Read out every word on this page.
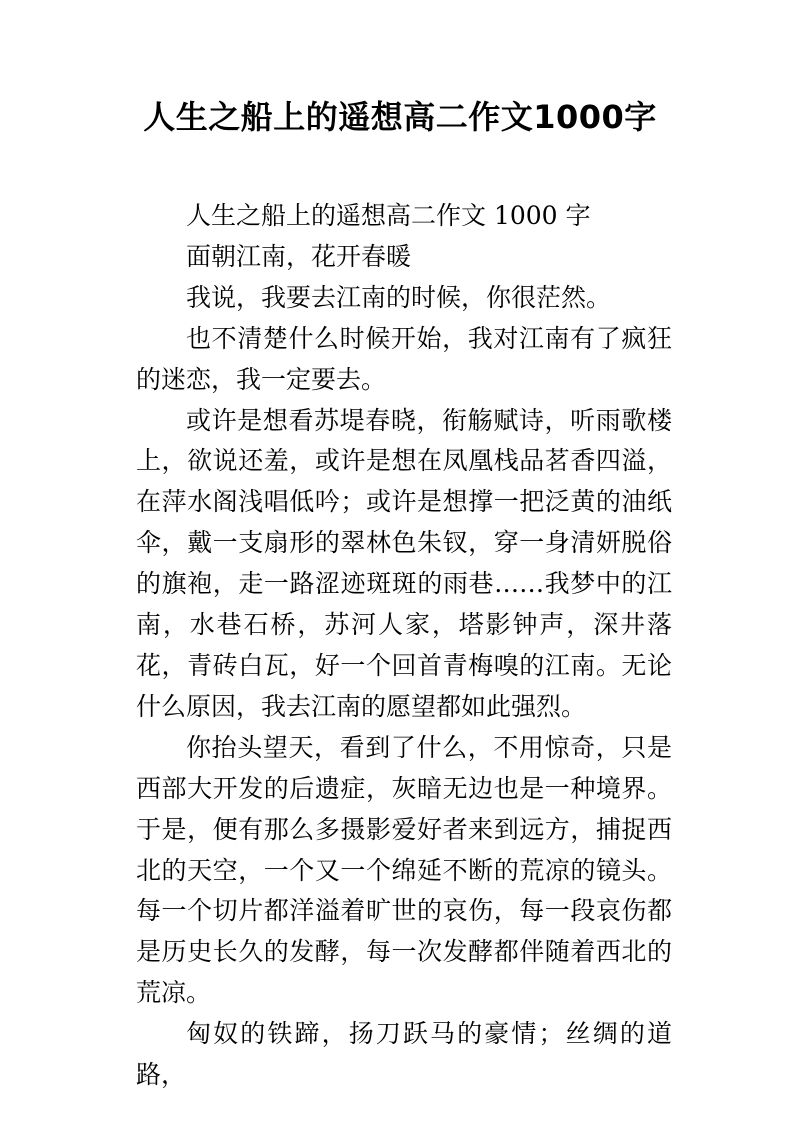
人生之船上的遥想高二作文1000字

人生之船上的遥想高二作文 1000 字

面朝江南，花开春暖

我说，我要去江南的时候，你很茫然。

也不清楚什么时候开始，我对江南有了疯狂的迷恋，我一定要去。

或许是想看苏堤春晓，衔觞赋诗，听雨歌楼上，欲说还羞，或许是想在凤凰栈品茗香四溢，在萍水阁浅唱低吟；或许是想撑一把泛黄的油纸伞，戴一支扇形的翠林色朱钗，穿一身清妍脱俗的旗袍，走一路涩迹斑斑的雨巷……我梦中的江南，水巷石桥，苏河人家，塔影钟声，深井落花，青砖白瓦，好一个回首青梅嗅的江南。无论什么原因，我去江南的愿望都如此强烈。

你抬头望天，看到了什么，不用惊奇，只是西部大开发的后遗症，灰暗无边也是一种境界。于是，便有那么多摄影爱好者来到远方，捕捉西北的天空，一个又一个绵延不断的荒凉的镜头。每一个切片都洋溢着旷世的哀伤，每一段哀伤都是历史长久的发酵，每一次发酵都伴随着西北的荒凉。

匈奴的铁蹄，扬刀跃马的豪情；丝绸的道路，
